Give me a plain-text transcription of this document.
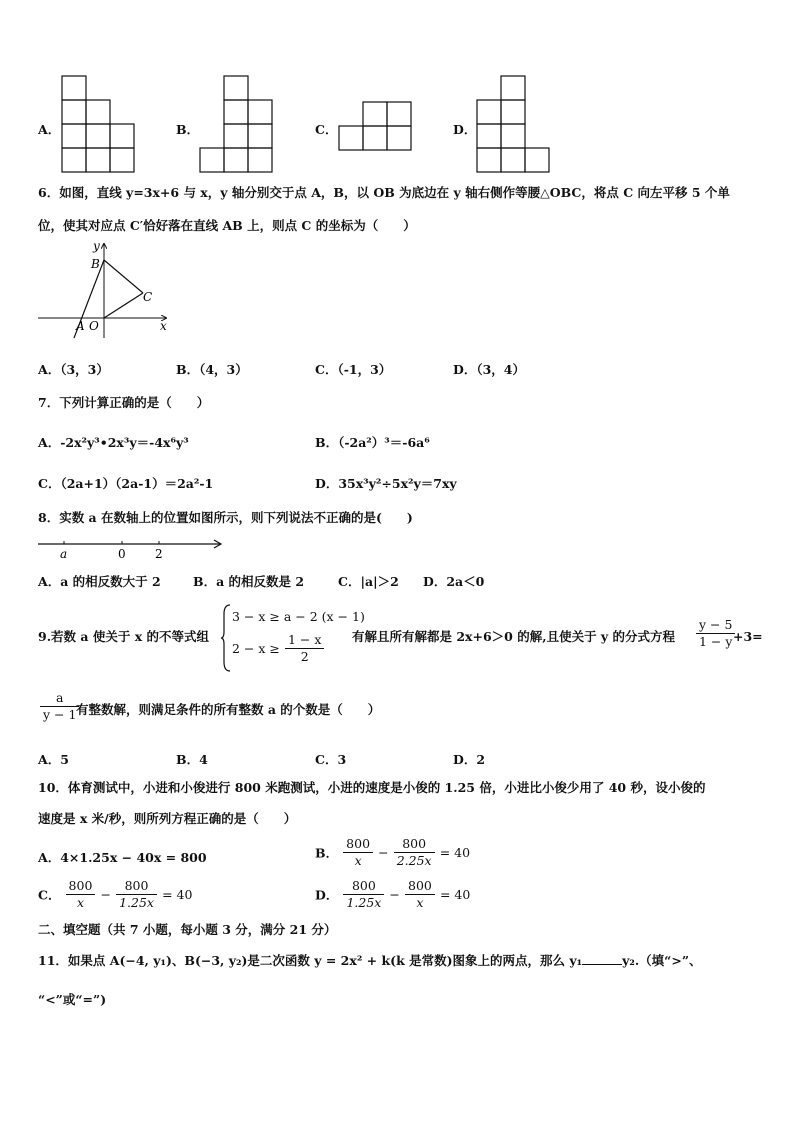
A．	B．	C．	D．
6．如图，直线 y=3x+6 与 x，y 轴分别交于点 A，B，以 OB 为底边在 y 轴右侧作等腰△OBC，将点 C 向左平移 5 个单
位，使其对应点 C′恰好落在直线 AB 上，则点 C 的坐标为（　　）
y
B
C
A O	x
A．（3，3）	B．（4，3）	C．（-1，3）	D．（3，4）
7．下列计算正确的是（　　）
A．-2x²y³•2x³y＝-4x⁶y³	B．（-2a²）³＝-6a⁶
C．（2a+1）（2a-1）＝2a²-1	D．35x³y²÷5x²y＝7xy
8．实数 a 在数轴上的位置如图所示，则下列说法不正确的是(　　)
a	0 2
A．a 的相反数大于 2	B．a 的相反数是 2	C．|a|＞2 D．2a＜0
9.若数 a 使关于 x 的不等式组
3 − x ≥ a − 2 (x − 1)
$2 - x \ge \frac{1 - x}{2}$ 有解且所有解都是 2x+6＞0 的解,且使关于 y 的分式方程 $\frac{y - 5}{1 - y}$
+3=
$\frac{a}{y - 1}$
有整数解，则满足条件的所有整数 a 的个数是（　　）
A．5	B．4	C．3	D．2
10．体育测试中，小进和小俊进行 800 米跑测试，小进的速度是小俊的 1.25 倍，小进比小俊少用了 40 秒，设小俊的
速度是 x 米/秒，则所列方程正确的是（　　）
A．4×1.25x − 40x = 800	B． $\frac{800}{x} - \frac{800}{2.25x} = 40$
C． $\frac{800}{x} - \frac{800}{1.25x} = 40$	D． $\frac{800}{1.25x} - \frac{800}{x} = 40$
二、填空题（共 7 小题，每小题 3 分，满分 21 分）
11．如果点 A(−4, y₁)、B(−3, y₂)是二次函数 y = 2x² + k(k 是常数)图象上的两点，那么 y₁	y₂.（填“>”、
“<”或“=”)
